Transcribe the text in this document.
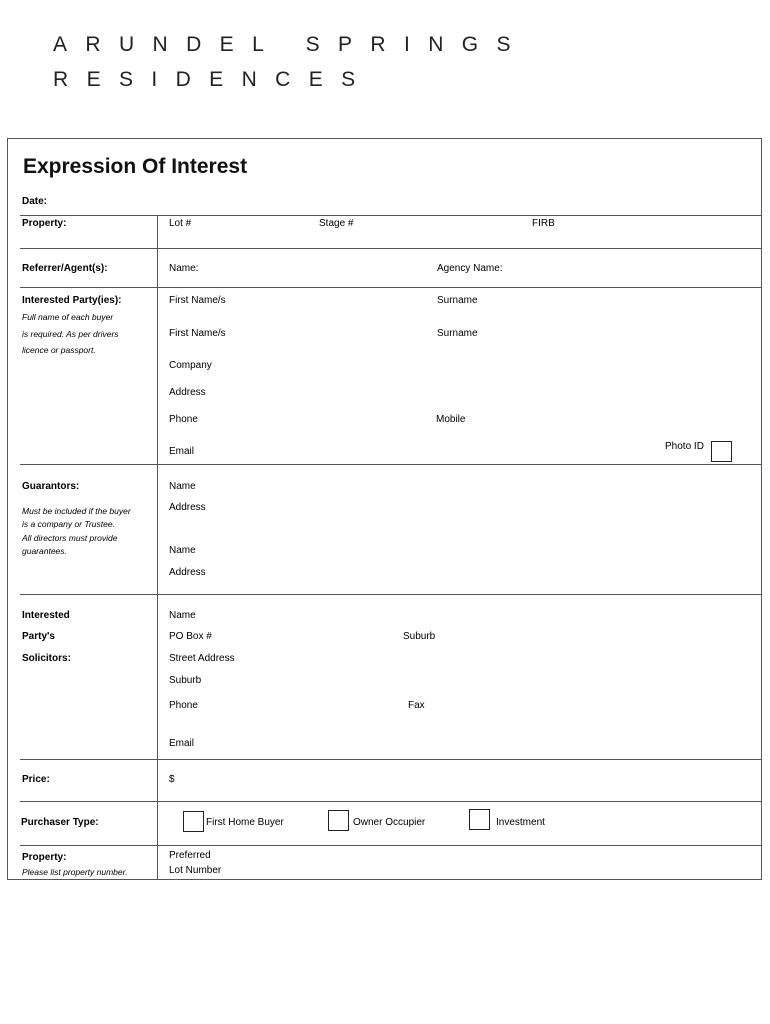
ARUNDEL SPRINGS
RESIDENCES
Expression Of Interest
Date:
Property:	Lot #	Stage #	FIRB
Referrer/Agent(s):	Name:	Agency Name:
Interested Party(ies):
Full name of each buyer
is required. As per drivers
licence or passport.
First Name/s	Surname
First Name/s	Surname
Company
Address
Phone	Mobile
Email	Photo ID
Guarantors:
Must be included if the buyer
is a company or Trustee.
All directors must provide
guarantees.
Name
Address
Name
Address
Interested
Party's
Solicitors:
Name
PO Box #	Suburb
Street Address
Suburb
Phone	Fax
Email
Price:	$
Purchaser Type:	First Home Buyer	Owner Occupier	Investment
Property:
Please list property number.
Preferred
Lot Number
